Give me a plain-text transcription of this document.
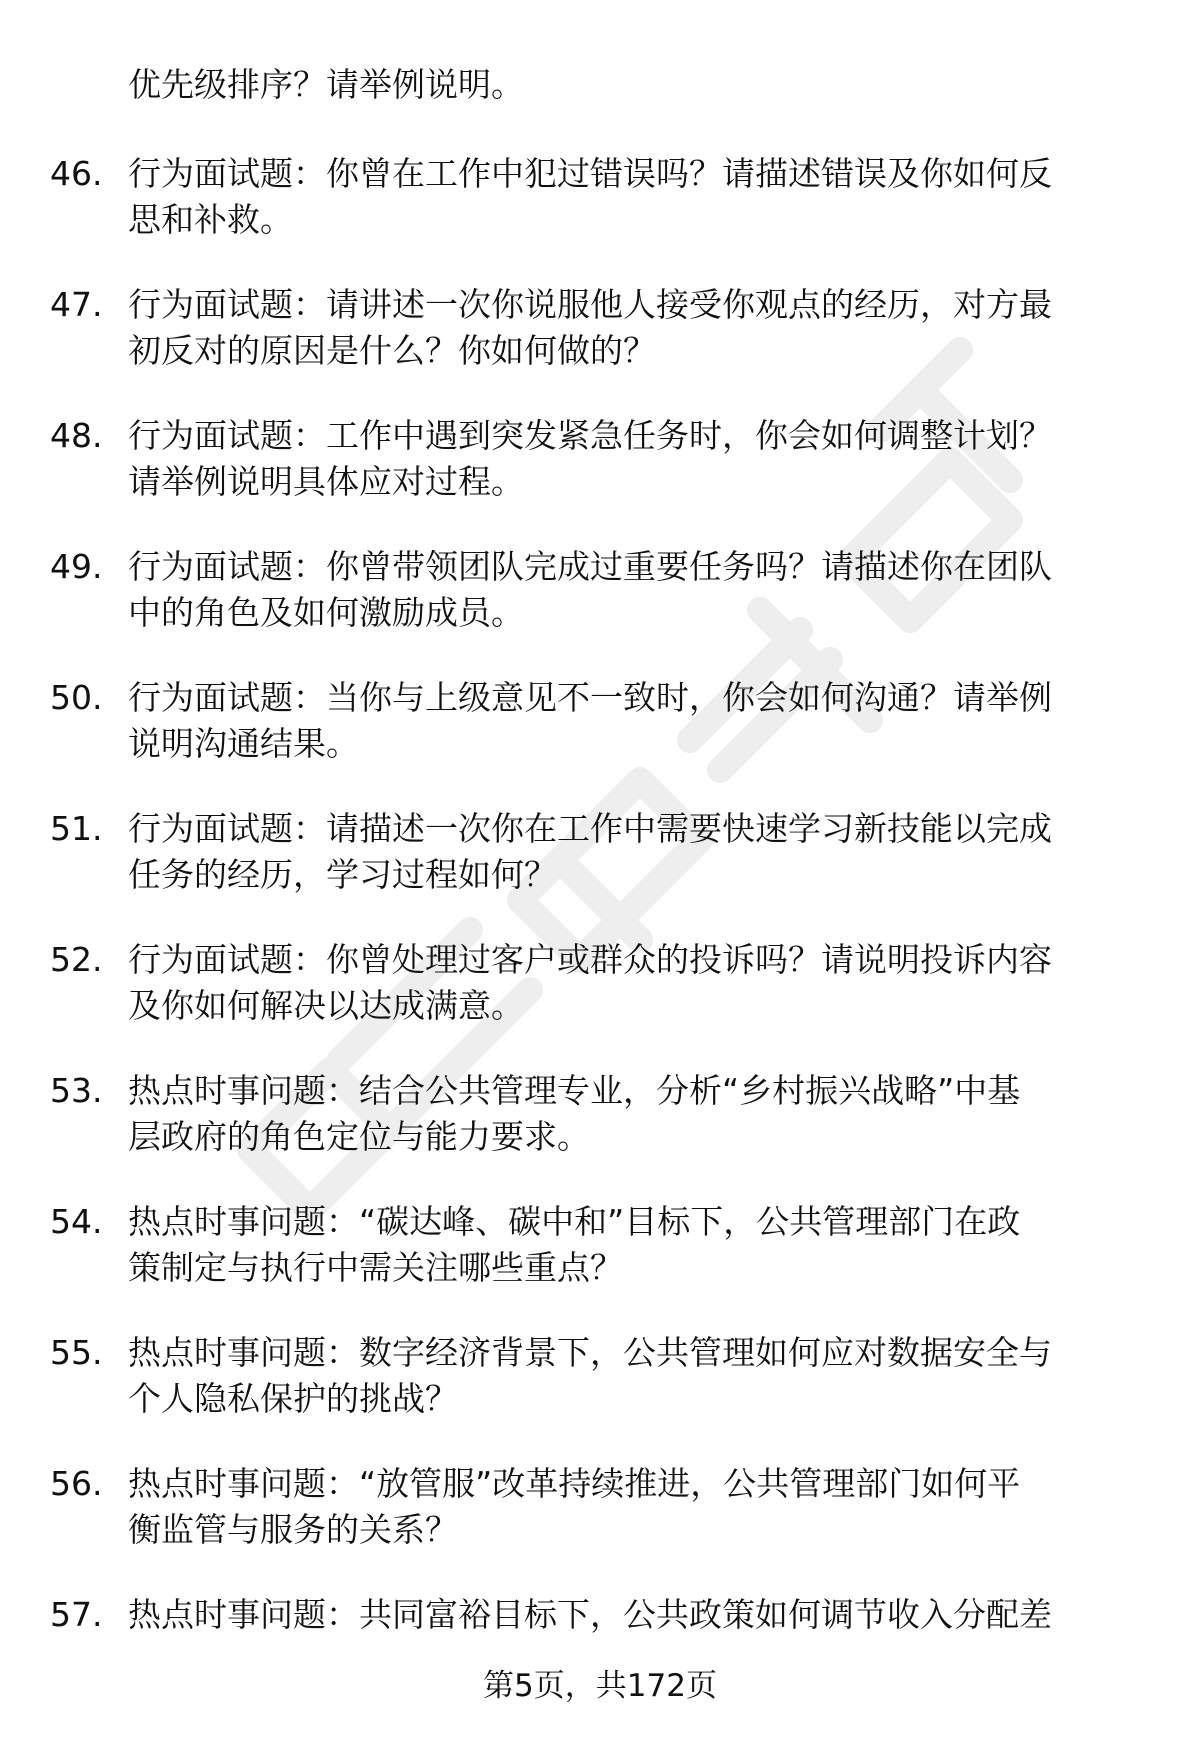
优先级排序？请举例说明。
46. 行为面试题：你曾在工作中犯过错误吗？请描述错误及你如何反
思和补救。
47. 行为面试题：请讲述一次你说服他人接受你观点的经历，对方最
初反对的原因是什么？你如何做的？
48. 行为面试题：工作中遇到突发紧急任务时，你会如何调整计划？
请举例说明具体应对过程。
49. 行为面试题：你曾带领团队完成过重要任务吗？请描述你在团队
中的角色及如何激励成员。
50. 行为面试题：当你与上级意见不一致时，你会如何沟通？请举例
说明沟通结果。
51. 行为面试题：请描述一次你在工作中需要快速学习新技能以完成
任务的经历，学习过程如何？
52. 行为面试题：你曾处理过客户或群众的投诉吗？请说明投诉内容
及你如何解决以达成满意。
53. 热点时事问题：结合公共管理专业，分析“乡村振兴战略”中基
层政府的角色定位与能力要求。
54. 热点时事问题：“碳达峰、碳中和”目标下，公共管理部门在政
策制定与执行中需关注哪些重点？
55. 热点时事问题：数字经济背景下，公共管理如何应对数据安全与
个人隐私保护的挑战？
56. 热点时事问题：“放管服”改革持续推进，公共管理部门如何平
衡监管与服务的关系？
57. 热点时事问题：共同富裕目标下，公共政策如何调节收入分配差
第5页，共172页
